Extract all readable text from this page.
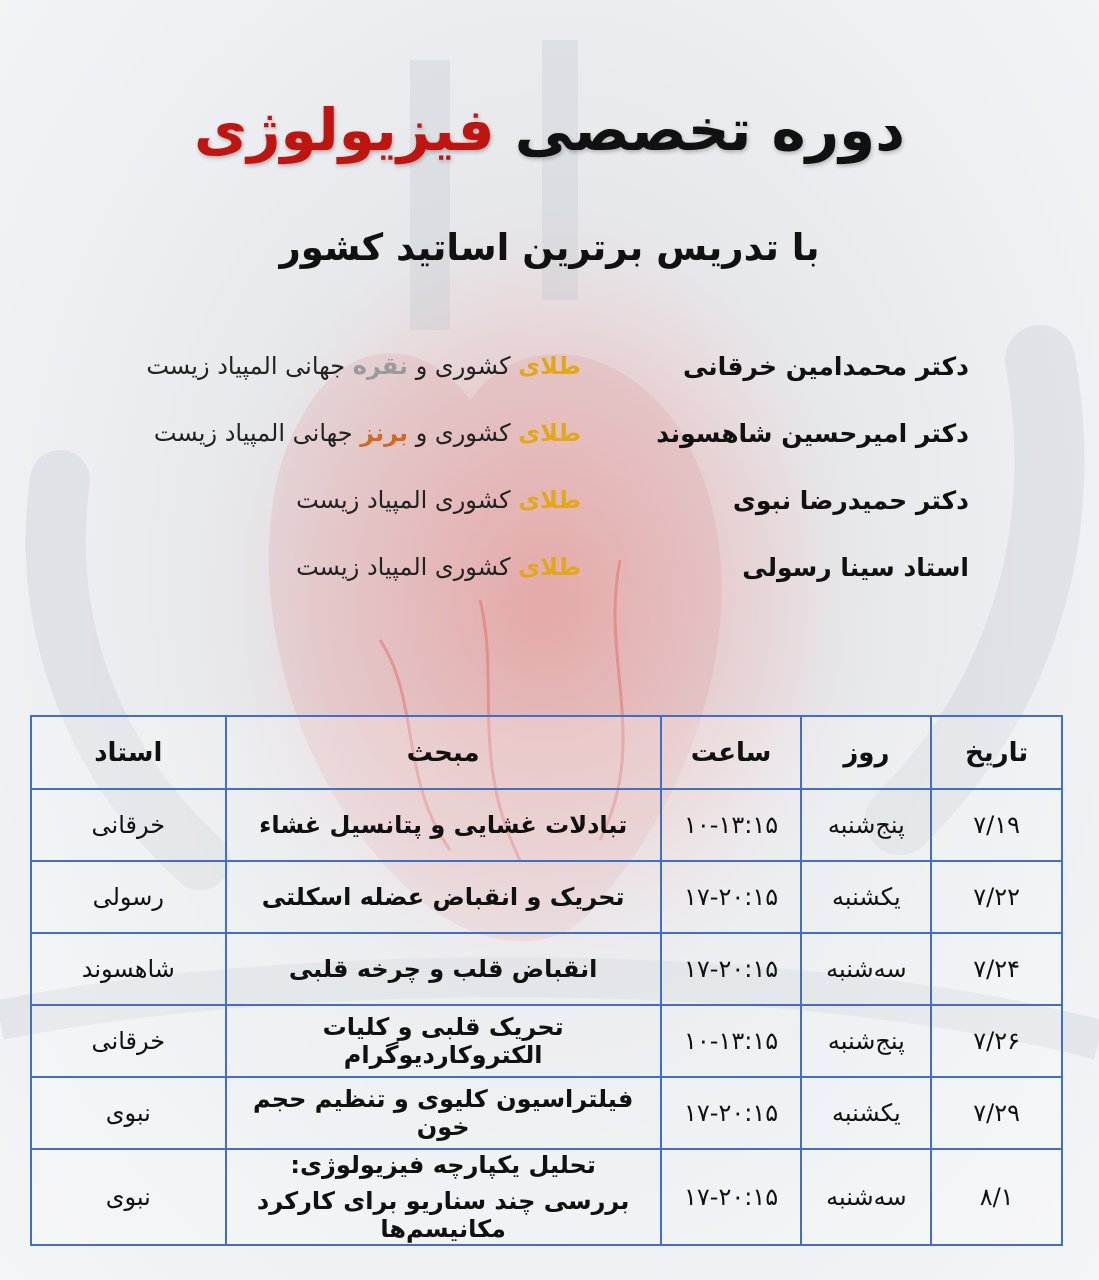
دوره تخصصی فیزیولوژی
با تدریس برترین اساتید کشور
دکتر محمدامین خرقانی
طلای کشوری و نقره جهانی المپیاد زیست
دکتر امیرحسین شاهسوند
طلای کشوری و برنز جهانی المپیاد زیست
دکتر حمیدرضا نبوی
طلای کشوری المپیاد زیست
استاد سینا رسولی
طلای کشوری المپیاد زیست
تاریخ	روز	ساعت	مبحث	استاد
۷/۱۹	پنج‌شنبه	۱۰-۱۳:۱۵	تبادلات غشایی و پتانسیل غشاء	خرقانی
۷/۲۲	یکشنبه	۱۷-۲۰:۱۵	تحریک و انقباض عضله اسکلتی	رسولی
۷/۲۴	سه‌شنبه	۱۷-۲۰:۱۵	انقباض قلب و چرخه قلبی	شاهسوند
۷/۲۶	پنج‌شنبه	۱۰-۱۳:۱۵	تحریک قلبی و کلیات الکتروکاردیوگرام	خرقانی
۷/۲۹	یکشنبه	۱۷-۲۰:۱۵	فیلتراسیون کلیوی و تنظیم حجم خون	نبوی
۸/۱	سه‌شنبه	۱۷-۲۰:۱۵	تحلیل یکپارچه فیزیولوژی:
بررسی چند سناریو برای کارکرد مکانیسم‌ها	نبوی
